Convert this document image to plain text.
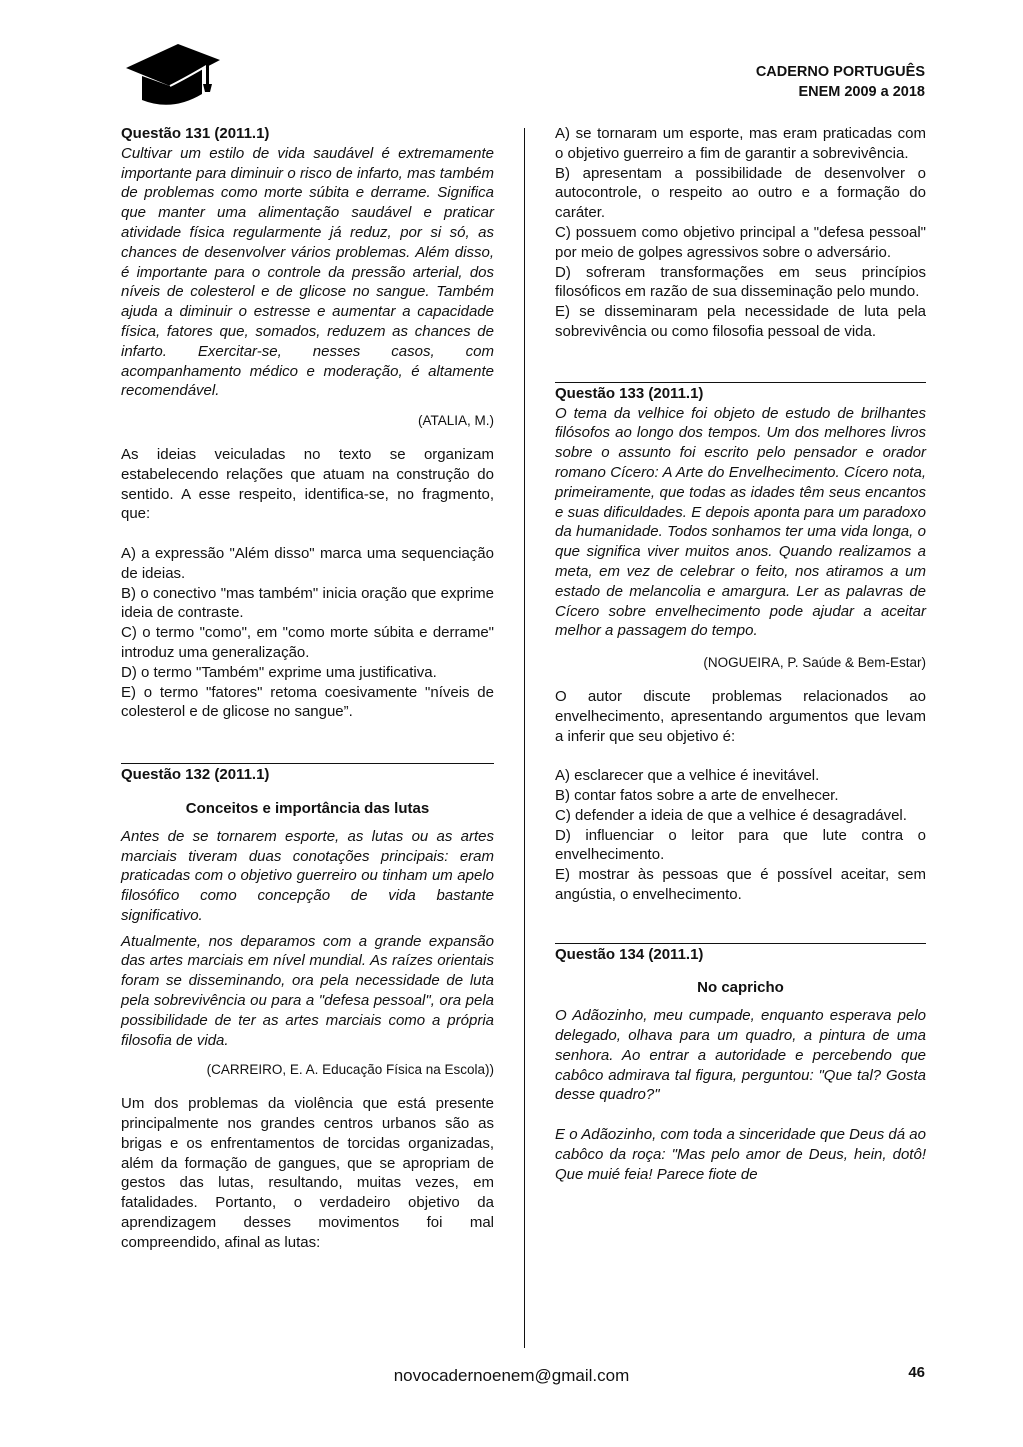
CADERNO PORTUGUÊS
ENEM 2009 a 2018

Questão 131 (2011.1)

Cultivar um estilo de vida saudável é extremamente importante para diminuir o risco de infarto, mas também de problemas como morte súbita e derrame. Significa que manter uma alimentação saudável e praticar atividade física regularmente já reduz, por si só, as chances de desenvolver vários problemas. Além disso, é importante para o controle da pressão arterial, dos níveis de colesterol e de glicose no sangue. Também ajuda a diminuir o estresse e aumentar a capacidade física, fatores que, somados, reduzem as chances de infarto. Exercitar-se, nesses casos, com acompanhamento médico e moderação, é altamente recomendável.

(ATALIA, M.)

As ideias veiculadas no texto se organizam estabelecendo relações que atuam na construção do sentido. A esse respeito, identifica-se, no fragmento, que:

A) a expressão "Além disso" marca uma sequenciação de ideias.

B) o conectivo "mas também" inicia oração que exprime ideia de contraste.

C) o termo "como", em "como morte súbita e derrame" introduz uma generalização.

D) o termo "Também" exprime uma justificativa.

E) o termo "fatores" retoma coesivamente "níveis de colesterol e de glicose no sangue”.

Questão 132 (2011.1)

Conceitos e importância das lutas

Antes de se tornarem esporte, as lutas ou as artes marciais tiveram duas conotações principais: eram praticadas com o objetivo guerreiro ou tinham um apelo filosófico como concepção de vida bastante significativo.

Atualmente, nos deparamos com a grande expansão das artes marciais em nível mundial. As raízes orientais foram se disseminando, ora pela necessidade de luta pela sobrevivência ou para a "defesa pessoal", ora pela possibilidade de ter as artes marciais como a própria filosofia de vida.

(CARREIRO, E. A. Educação Física na Escola))

Um dos problemas da violência que está presente principalmente nos grandes centros urbanos são as brigas e os enfrentamentos de torcidas organizadas, além da formação de gangues, que se apropriam de gestos das lutas, resultando, muitas vezes, em fatalidades. Portanto, o verdadeiro objetivo da aprendizagem desses movimentos foi mal compreendido, afinal as lutas:

A) se tornaram um esporte, mas eram praticadas com o objetivo guerreiro a fim de garantir a sobrevivência.

B) apresentam a possibilidade de desenvolver o autocontrole, o respeito ao outro e a formação do caráter.

C) possuem como objetivo principal a "defesa pessoal" por meio de golpes agressivos sobre o adversário.

D) sofreram transformações em seus princípios filosóficos em razão de sua disseminação pelo mundo.

E) se disseminaram pela necessidade de luta pela sobrevivência ou como filosofia pessoal de vida.

Questão 133 (2011.1)

O tema da velhice foi objeto de estudo de brilhantes filósofos ao longo dos tempos. Um dos melhores livros sobre o assunto foi escrito pelo pensador e orador romano Cícero: A Arte do Envelhecimento. Cícero nota, primeiramente, que todas as idades têm seus encantos e suas dificuldades. E depois aponta para um paradoxo da humanidade. Todos sonhamos ter uma vida longa, o que significa viver muitos anos. Quando realizamos a meta, em vez de celebrar o feito, nos atiramos a um estado de melancolia e amargura. Ler as palavras de Cícero sobre envelhecimento pode ajudar a aceitar melhor a passagem do tempo.

(NOGUEIRA, P. Saúde & Bem-Estar)

O autor discute problemas relacionados ao envelhecimento, apresentando argumentos que levam a inferir que seu objetivo é:

A) esclarecer que a velhice é inevitável.

B) contar fatos sobre a arte de envelhecer.

C) defender a ideia de que a velhice é desagradável.

D) influenciar o leitor para que lute contra o envelhecimento.

E) mostrar às pessoas que é possível aceitar, sem angústia, o envelhecimento.

Questão 134 (2011.1)

No capricho

O Adãozinho, meu cumpade, enquanto esperava pelo delegado, olhava para um quadro, a pintura de uma senhora. Ao entrar a autoridade e percebendo que cabôco admirava tal figura, perguntou: "Que tal? Gosta desse quadro?"

E o Adãozinho, com toda a sinceridade que Deus dá ao cabôco da roça: "Mas pelo amor de Deus, hein, dotô! Que muié feia! Parece fiote de

novocadernoenem@gmail.com	46
